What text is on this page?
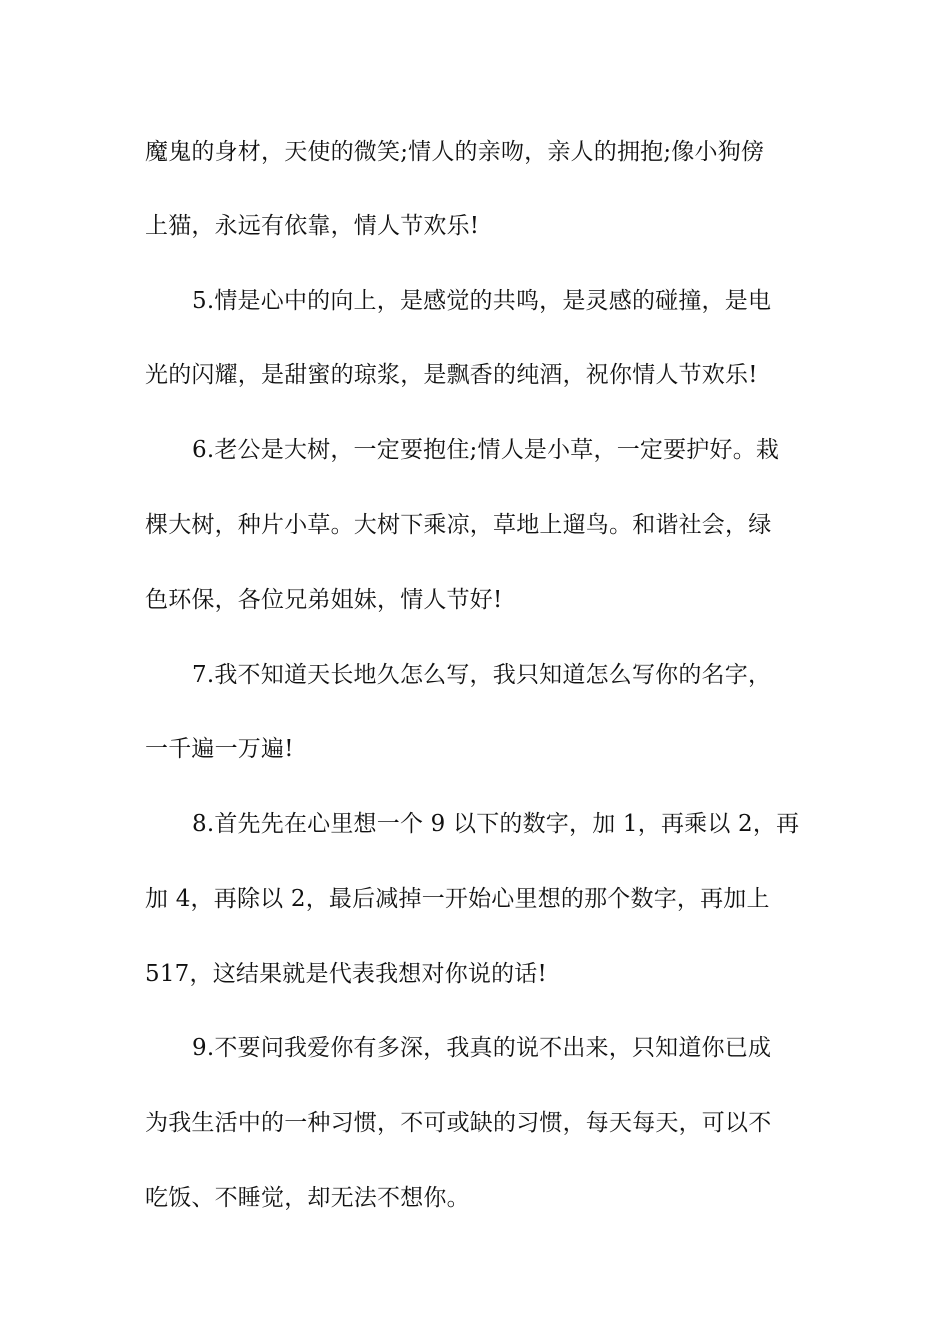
魔鬼的身材，天使的微笑;情人的亲吻，亲人的拥抱;像小狗傍
上猫，永远有依靠，情人节欢乐!
5.情是心中的向上，是感觉的共鸣，是灵感的碰撞，是电
光的闪耀，是甜蜜的琼浆，是飘香的纯酒，祝你情人节欢乐!
6.老公是大树，一定要抱住;情人是小草，一定要护好。栽
棵大树，种片小草。大树下乘凉，草地上遛鸟。和谐社会，绿
色环保，各位兄弟姐妹，情人节好!
7.我不知道天长地久怎么写，我只知道怎么写你的名字，
一千遍一万遍!
8.首先先在心里想一个 9 以下的数字，加 1，再乘以 2，再
加 4，再除以 2，最后减掉一开始心里想的那个数字，再加上
517，这结果就是代表我想对你说的话!
9.不要问我爱你有多深，我真的说不出来，只知道你已成
为我生活中的一种习惯，不可或缺的习惯，每天每天，可以不
吃饭、不睡觉，却无法不想你。
